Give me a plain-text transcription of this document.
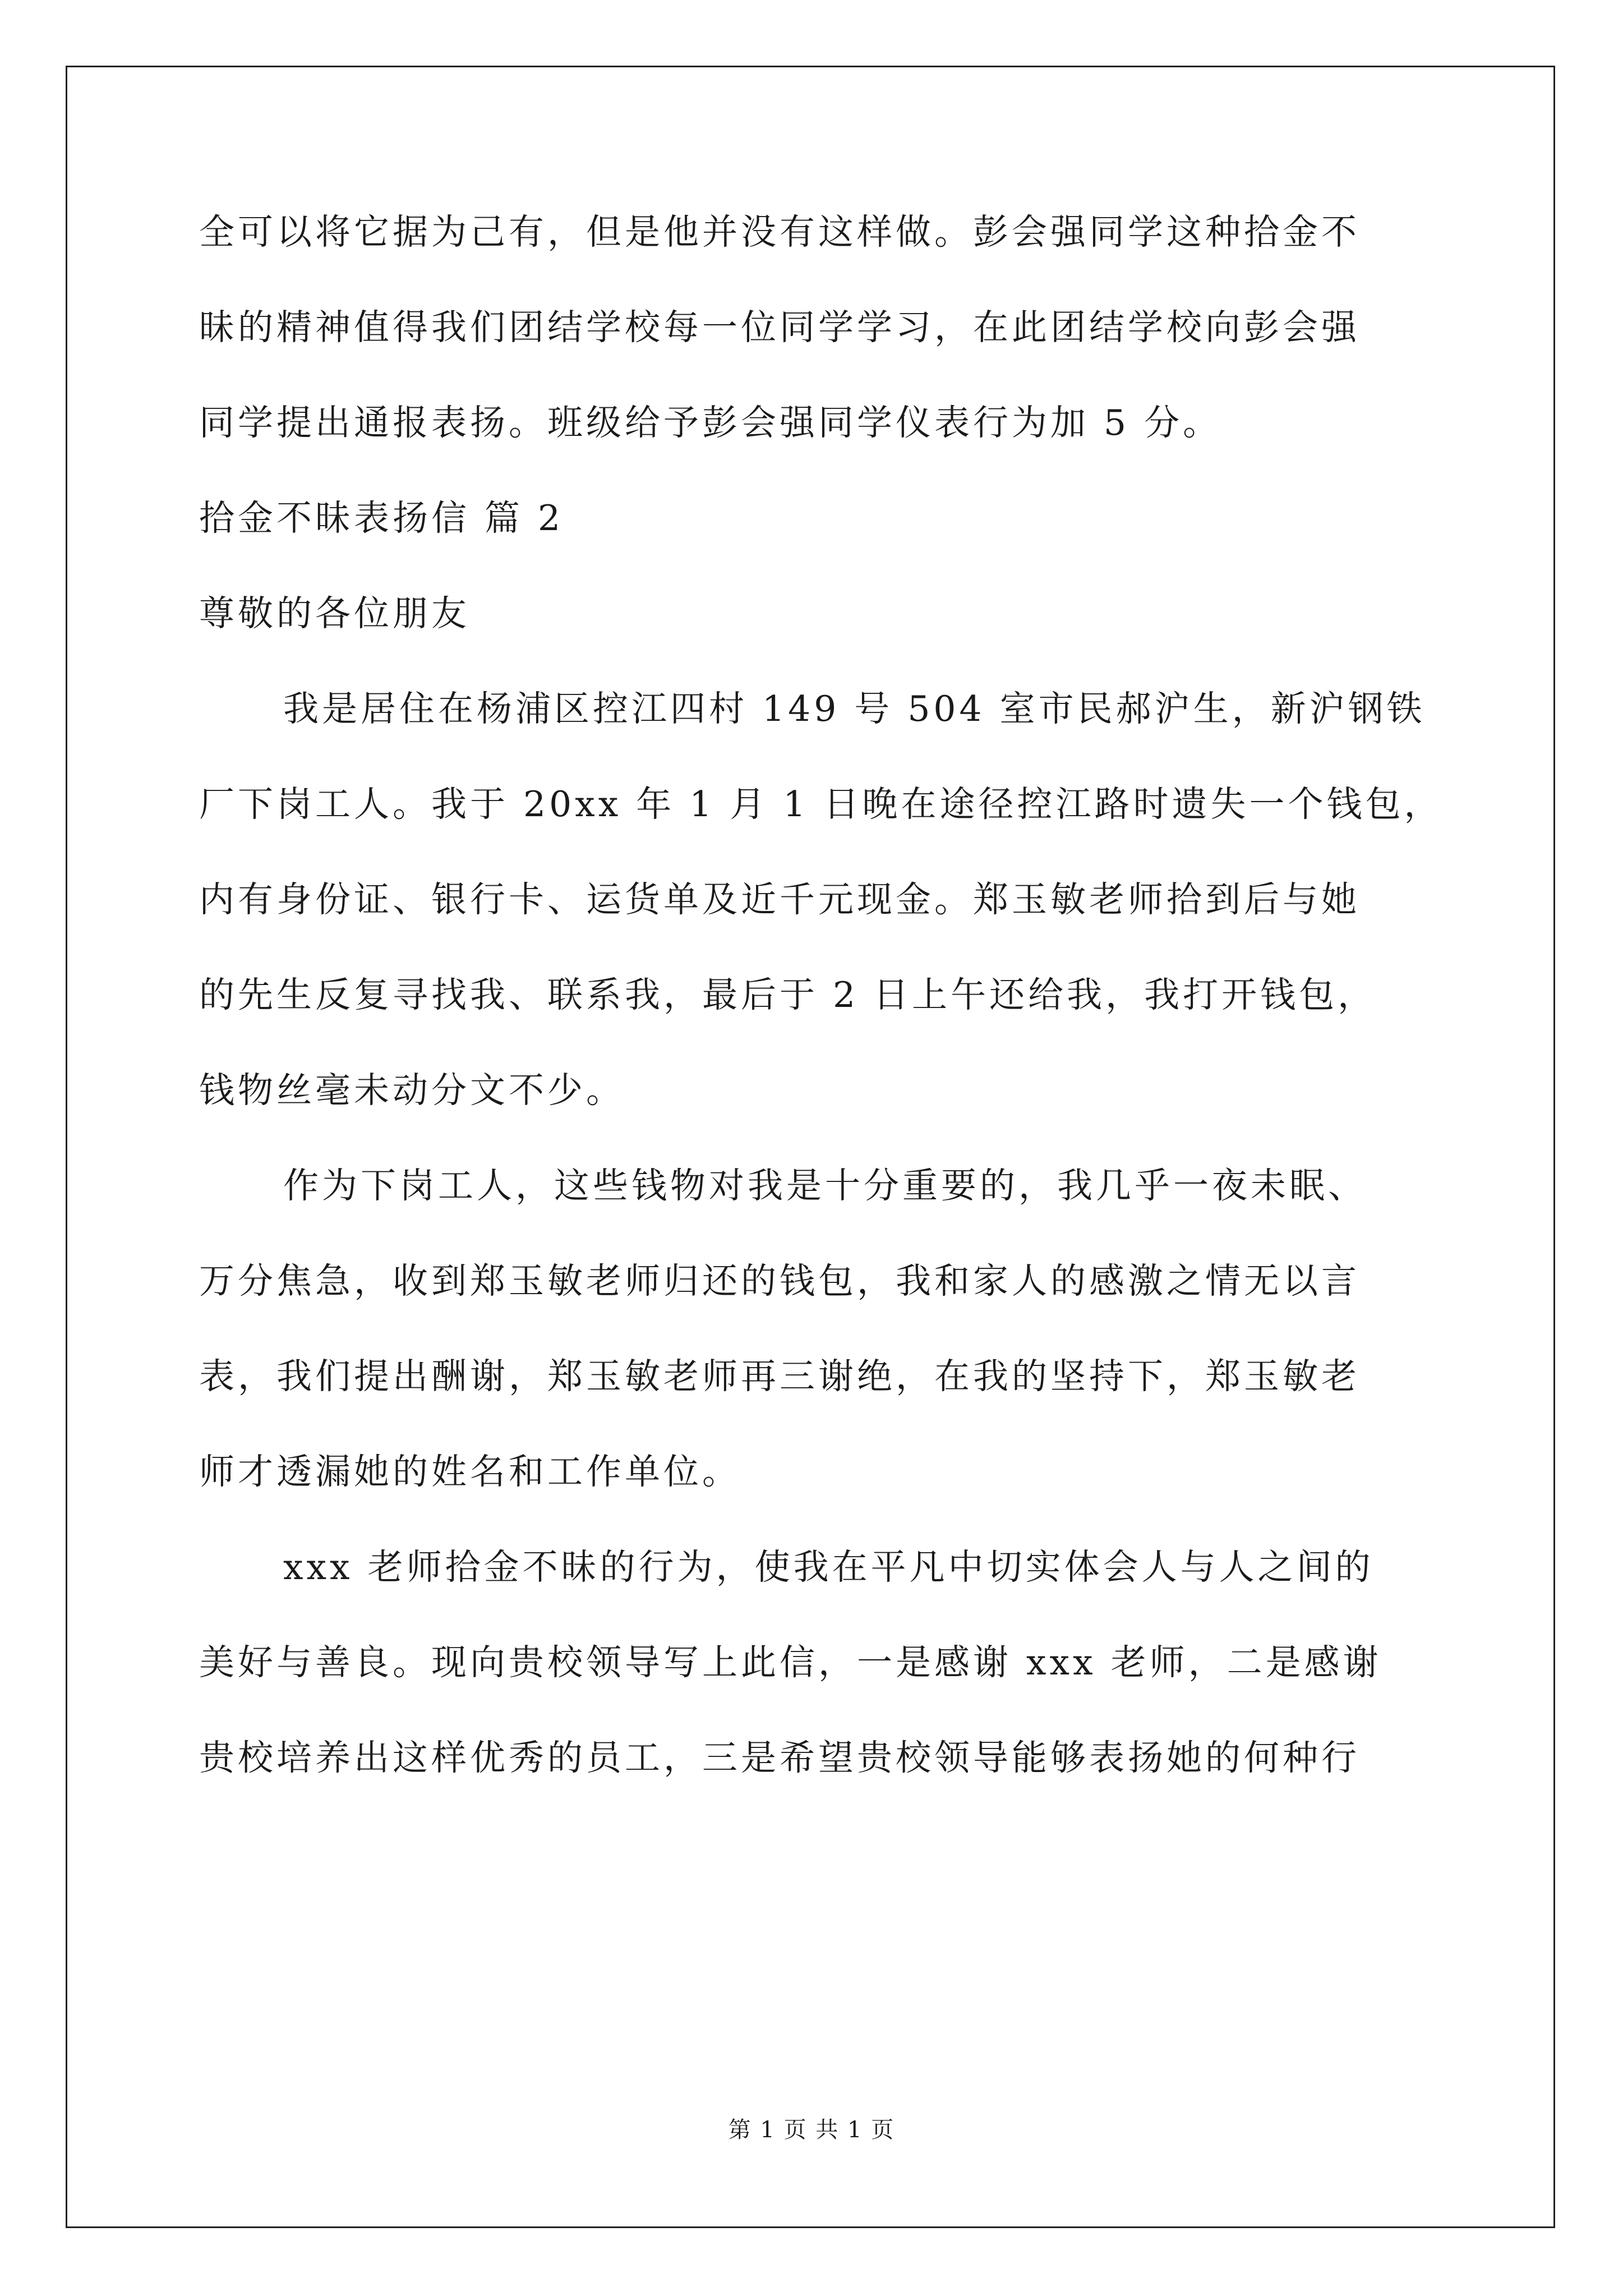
全可以将它据为己有，但是他并没有这样做。彭会强同学这种拾金不

昧的精神值得我们团结学校每一位同学学习，在此团结学校向彭会强

同学提出通报表扬。班级给予彭会强同学仪表行为加 5 分。

拾金不昧表扬信 篇 2

尊敬的各位朋友

我是居住在杨浦区控江四村 149 号 504 室市民郝沪生，新沪钢铁

厂下岗工人。我于 20xx 年 1 月 1 日晚在途径控江路时遗失一个钱包，

内有身份证、银行卡、运货单及近千元现金。郑玉敏老师拾到后与她

的先生反复寻找我、联系我，最后于 2 日上午还给我，我打开钱包，

钱物丝毫未动分文不少。

作为下岗工人，这些钱物对我是十分重要的，我几乎一夜未眠、

万分焦急，收到郑玉敏老师归还的钱包，我和家人的感激之情无以言

表，我们提出酬谢，郑玉敏老师再三谢绝，在我的坚持下，郑玉敏老

师才透漏她的姓名和工作单位。

xxx 老师拾金不昧的行为，使我在平凡中切实体会人与人之间的

美好与善良。现向贵校领导写上此信，一是感谢 xxx 老师，二是感谢

贵校培养出这样优秀的员工，三是希望贵校领导能够表扬她的何种行

第 1 页 共 1 页
